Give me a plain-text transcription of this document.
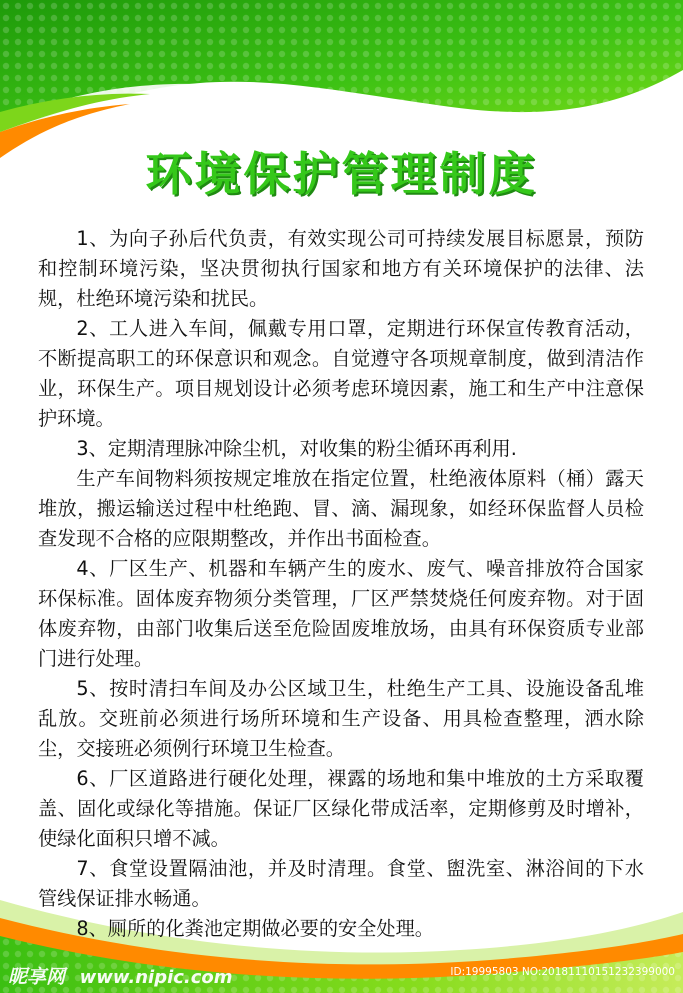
环境保护管理制度

1、为向子孙后代负责，有效实现公司可持续发展目标愿景，预防和控制环境污染，坚决贯彻执行国家和地方有关环境保护的法律、法规，杜绝环境污染和扰民。

2、工人进入车间，佩戴专用口罩，定期进行环保宣传教育活动，不断提高职工的环保意识和观念。自觉遵守各项规章制度，做到清洁作业，环保生产。项目规划设计必须考虑环境因素，施工和生产中注意保护环境。

3、定期清理脉冲除尘机，对收集的粉尘循环再利用.

生产车间物料须按规定堆放在指定位置，杜绝液体原料（桶）露天堆放，搬运输送过程中杜绝跑、冒、滴、漏现象，如经环保监督人员检查发现不合格的应限期整改，并作出书面检查。

4、厂区生产、机器和车辆产生的废水、废气、噪音排放符合国家环保标准。固体废弃物须分类管理，厂区严禁焚烧任何废弃物。对于固体废弃物，由部门收集后送至危险固废堆放场，由具有环保资质专业部门进行处理。

5、按时清扫车间及办公区域卫生，杜绝生产工具、设施设备乱堆乱放。交班前必须进行场所环境和生产设备、用具检查整理，洒水除尘，交接班必须例行环境卫生检查。

6、厂区道路进行硬化处理，裸露的场地和集中堆放的土方采取覆盖、固化或绿化等措施。保证厂区绿化带成活率，定期修剪及时增补，使绿化面积只增不减。

7、食堂设置隔油池，并及时清理。食堂、盥洗室、淋浴间的下水管线保证排水畅通。

8、厕所的化粪池定期做必要的安全处理。

昵享网 www.nipic.com	ID:19995803 NO:20181110151232399000
